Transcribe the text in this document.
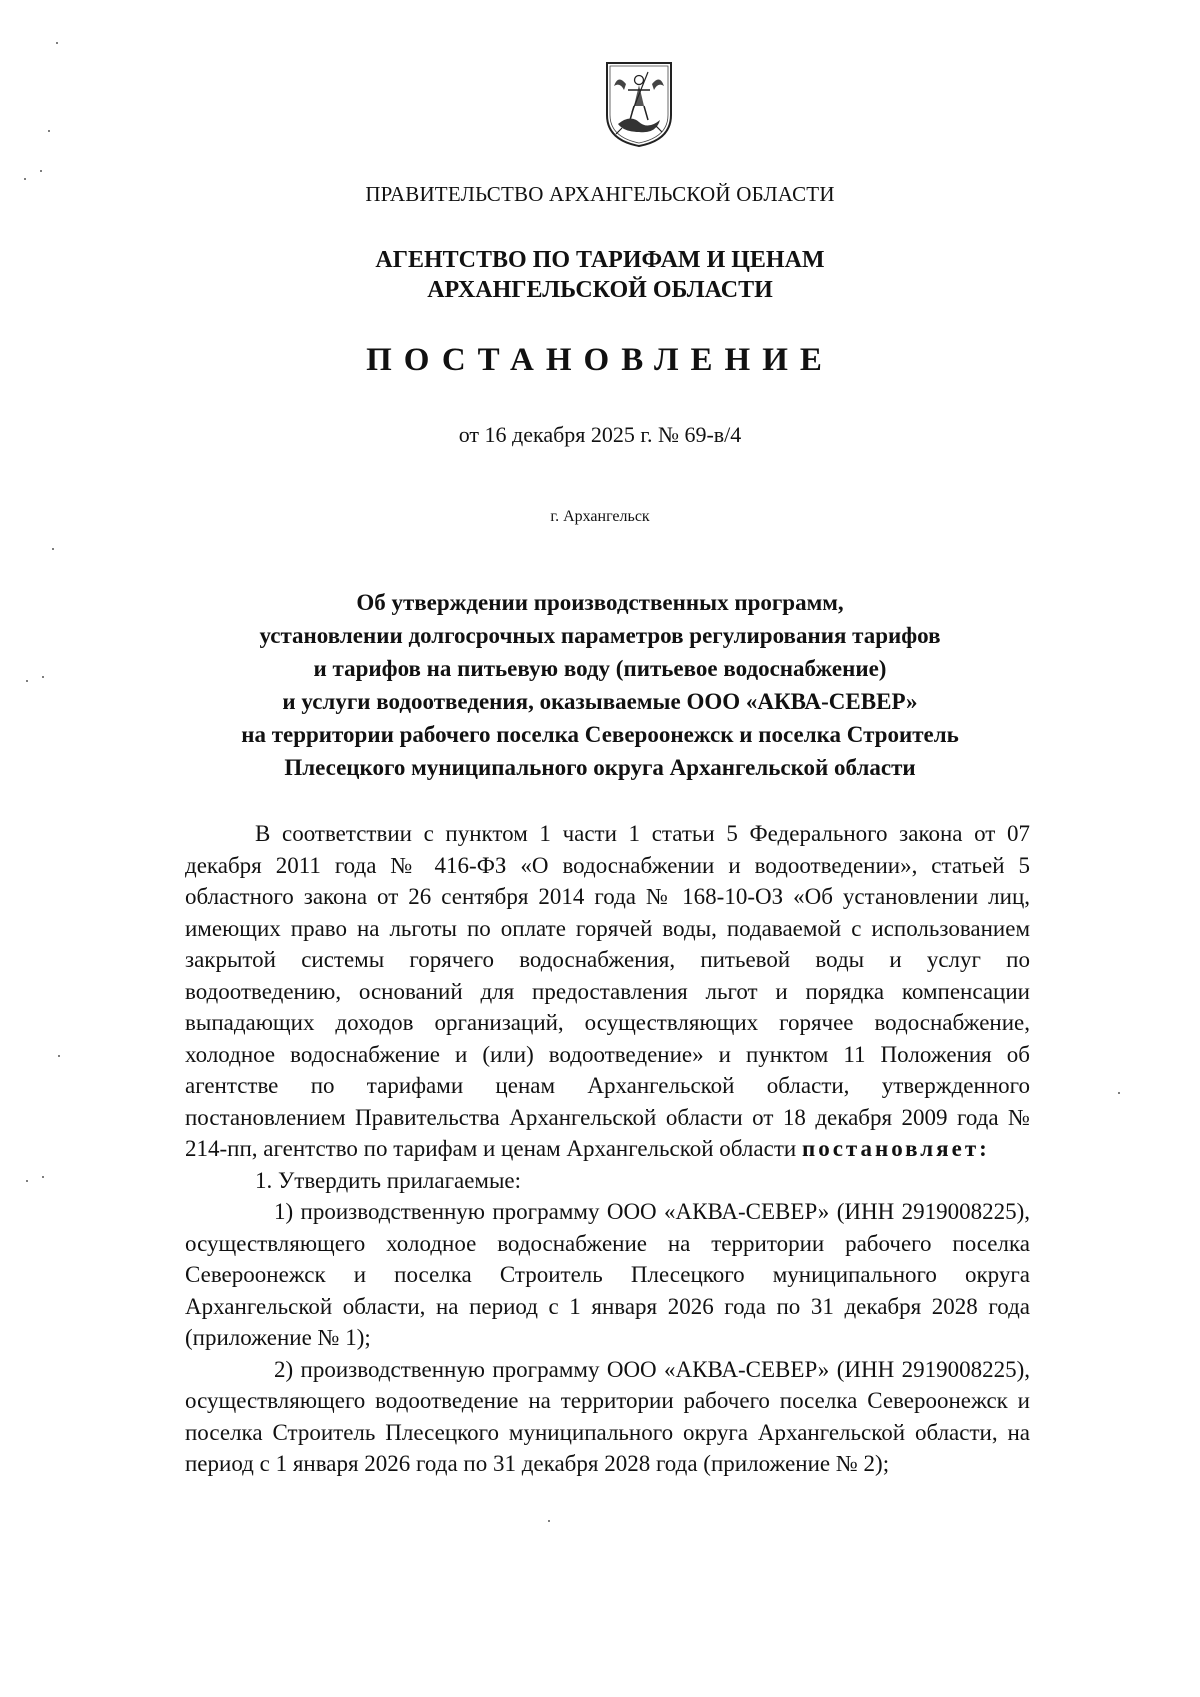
ПРАВИТЕЛЬСТВО АРХАНГЕЛЬСКОЙ ОБЛАСТИ
АГЕНТСТВО ПО ТАРИФАМ И ЦЕНАМ
АРХАНГЕЛЬСКОЙ ОБЛАСТИ
ПОСТАНОВЛЕНИЕ
от 16 декабря 2025 г. № 69-в/4
г. Архангельск
Об утверждении производственных программ,
установлении долгосрочных параметров регулирования тарифов
и тарифов на питьевую воду (питьевое водоснабжение)
и услуги водоотведения, оказываемые ООО «АКВА-СЕВЕР»
на территории рабочего поселка Североонежск и поселка Строитель
Плесецкого муниципального округа Архангельской области

В соответствии с пунктом 1 части 1 статьи 5 Федерального закона от 07 декабря 2011 года № 416-ФЗ «О водоснабжении и водоотведении», статьей 5 областного закона от 26 сентября 2014 года № 168-10-ОЗ «Об установлении лиц, имеющих право на льготы по оплате горячей воды, подаваемой с использованием закрытой системы горячего водоснабжения, питьевой воды и услуг по водоотведению, оснований для предоставления льгот и порядка компенсации выпадающих доходов организаций, осуществляющих горячее водоснабжение, холодное водоснабжение и (или) водоотведение» и пунктом 11 Положения об агентстве по тарифами ценам Архангельской области, утвержденного постановлением Правительства Архангельской области от 18 декабря 2009 года № 214-пп, агентство по тарифам и ценам Архангельской области постановляет:

1. Утвердить прилагаемые:

1) производственную программу ООО «АКВА-СЕВЕР» (ИНН 2919008225), осуществляющего холодное водоснабжение на территории рабочего поселка Североонежск и поселка Строитель Плесецкого муниципального округа Архангельской области, на период с 1 января 2026 года по 31 декабря 2028 года (приложение № 1);

2) производственную программу ООО «АКВА-СЕВЕР» (ИНН 2919008225), осуществляющего водоотведение на территории рабочего поселка Североонежск и поселка Строитель Плесецкого муниципального округа Архангельской области, на период с 1 января 2026 года по 31 декабря 2028 года (приложение № 2);
